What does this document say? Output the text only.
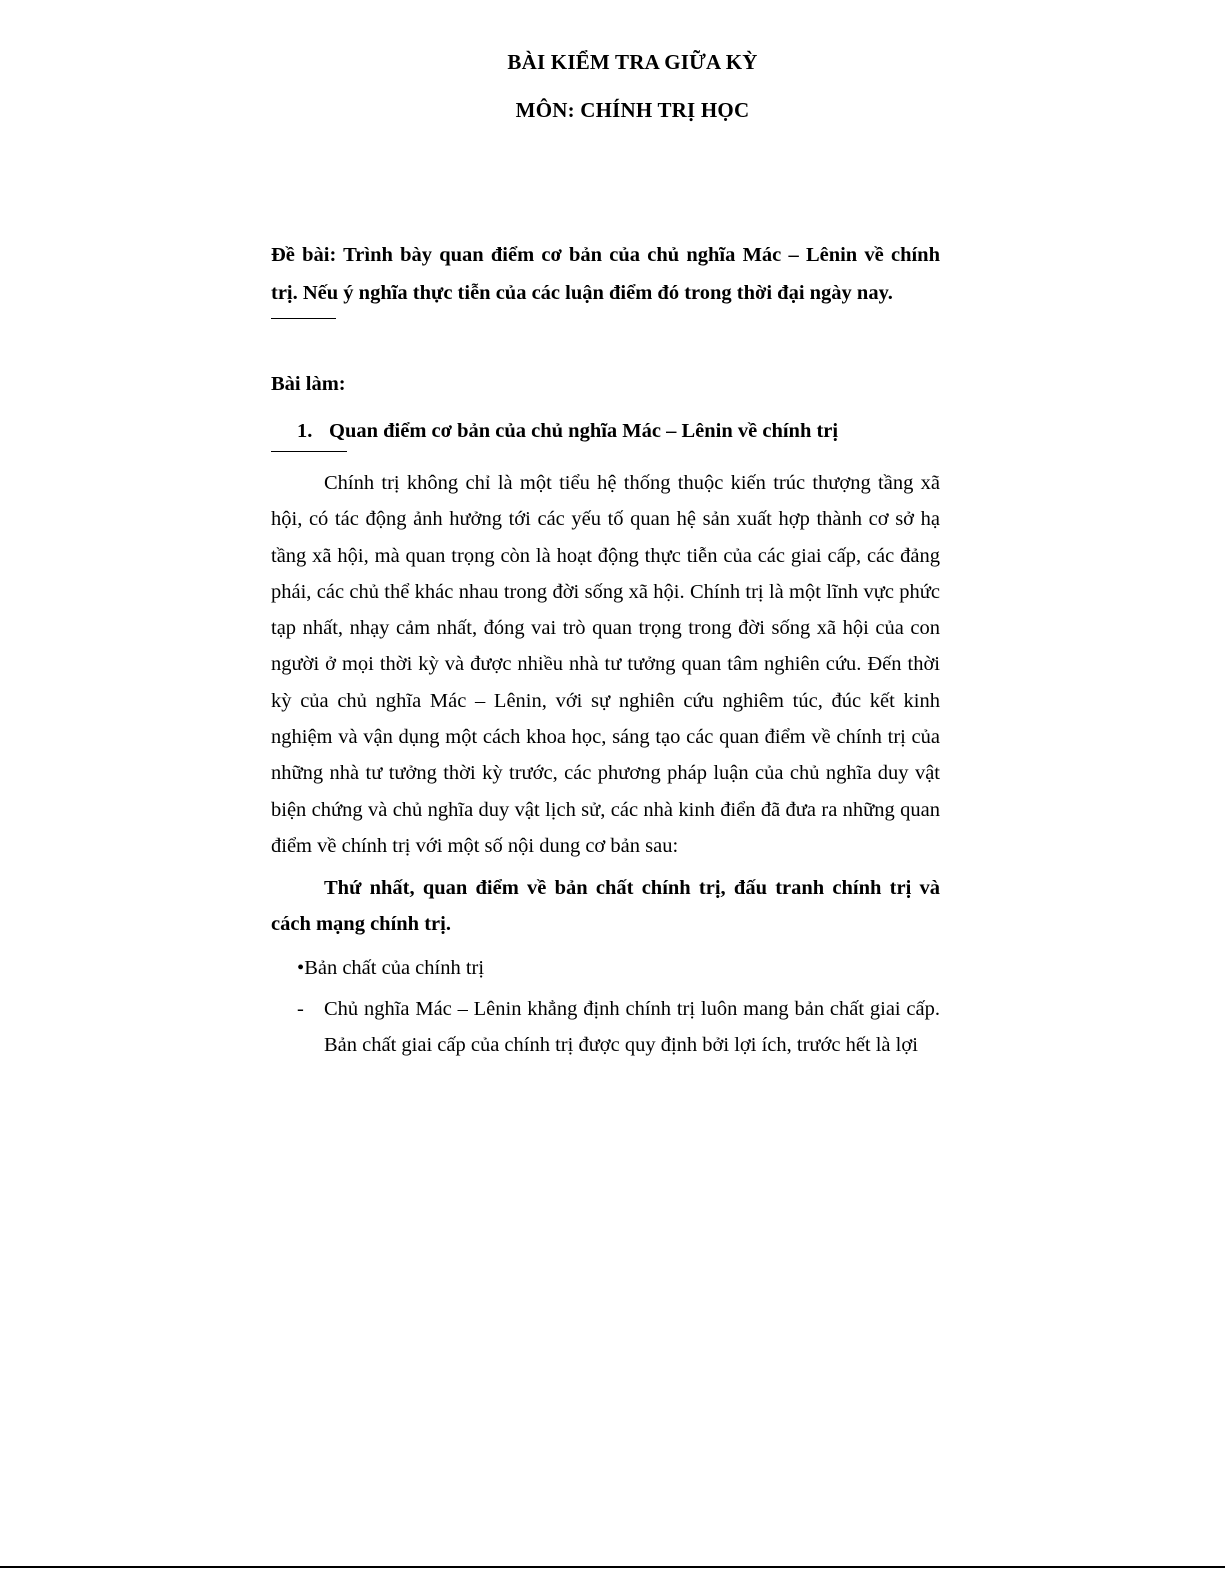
BÀI KIỂM TRA GIỮA KỲ
MÔN: CHÍNH TRỊ HỌC
Đề bài: Trình bày quan điểm cơ bản của chủ nghĩa Mác – Lênin về chính trị. Nếu ý nghĩa thực tiễn của các luận điểm đó trong thời đại ngày nay.
Bài làm:
1. Quan điểm cơ bản của chủ nghĩa Mác – Lênin về chính trị
Chính trị không chỉ là một tiểu hệ thống thuộc kiến trúc thượng tầng xã hội, có tác động ảnh hưởng tới các yếu tố quan hệ sản xuất hợp thành cơ sở hạ tầng xã hội, mà quan trọng còn là hoạt động thực tiễn của các giai cấp, các đảng phái, các chủ thể khác nhau trong đời sống xã hội. Chính trị là một lĩnh vực phức tạp nhất, nhạy cảm nhất, đóng vai trò quan trọng trong đời sống xã hội của con người ở mọi thời kỳ và được nhiều nhà tư tưởng quan tâm nghiên cứu. Đến thời kỳ của chủ nghĩa Mác – Lênin, với sự nghiên cứu nghiêm túc, đúc kết kinh nghiệm và vận dụng một cách khoa học, sáng tạo các quan điểm về chính trị của những nhà tư tưởng thời kỳ trước, các phương pháp luận của chủ nghĩa duy vật biện chứng và chủ nghĩa duy vật lịch sử, các nhà kinh điển đã đưa ra những quan điểm về chính trị với một số nội dung cơ bản sau:
Thứ nhất, quan điểm về bản chất chính trị, đấu tranh chính trị và cách mạng chính trị.
•Bản chất của chính trị
- Chủ nghĩa Mác – Lênin khẳng định chính trị luôn mang bản chất giai cấp. Bản chất giai cấp của chính trị được quy định bởi lợi ích, trước hết là lợi
